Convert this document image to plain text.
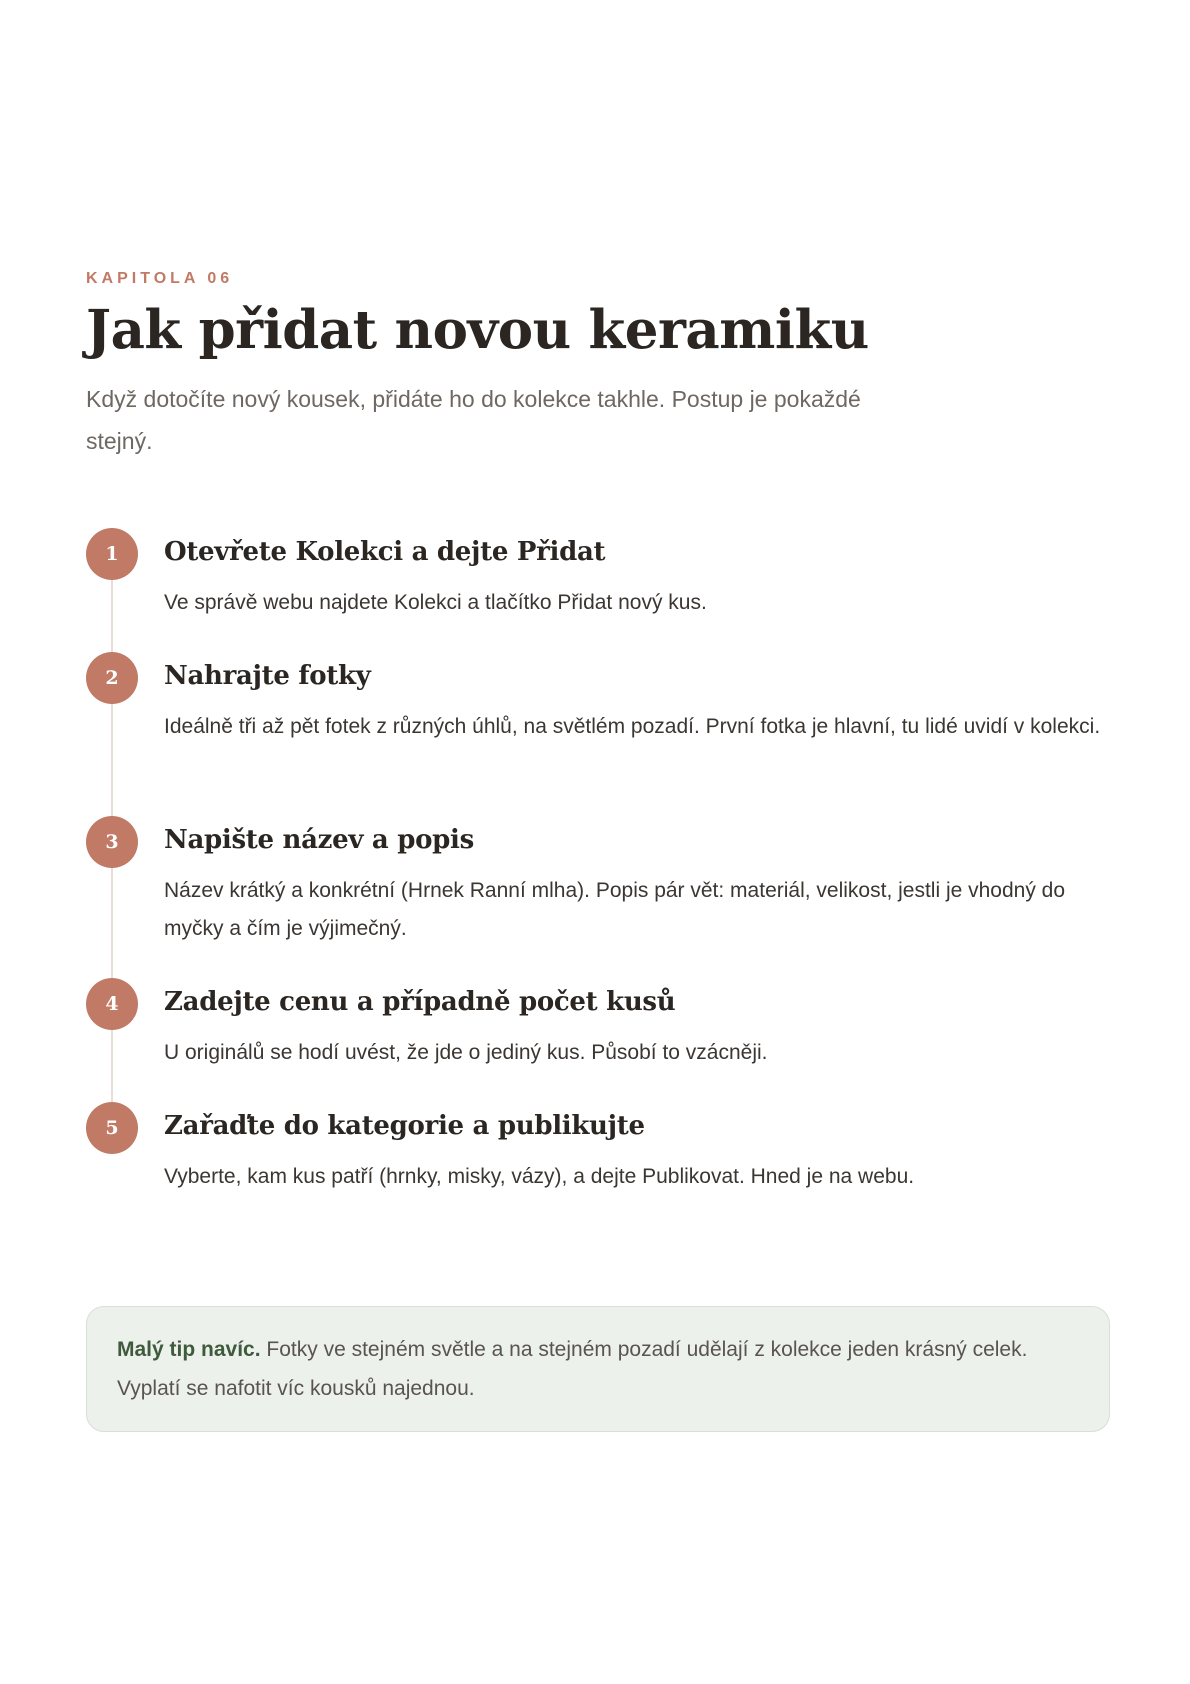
KAPITOLA 06
Jak přidat novou keramiku

Když dotočíte nový kousek, přidáte ho do kolekce takhle. Postup je pokaždé stejný.

1	Otevřete Kolekci a dejte Přidat

Ve správě webu najdete Kolekci a tlačítko Přidat nový kus.

2	Nahrajte fotky

Ideálně tři až pět fotek z různých úhlů, na světlém pozadí. První fotka je hlavní, tu lidé uvidí v kolekci.

3	Napište název a popis

Název krátký a konkrétní (Hrnek Ranní mlha). Popis pár vět: materiál, velikost, jestli je vhodný do myčky a čím je výjimečný.

4	Zadejte cenu a případně počet kusů

U originálů se hodí uvést, že jde o jediný kus. Působí to vzácněji.

5	Zařaďte do kategorie a publikujte

Vyberte, kam kus patří (hrnky, misky, vázy), a dejte Publikovat. Hned je na webu.

Malý tip navíc. Fotky ve stejném světle a na stejném pozadí udělají z kolekce jeden krásný celek. Vyplatí se nafotit víc kousků najednou.
